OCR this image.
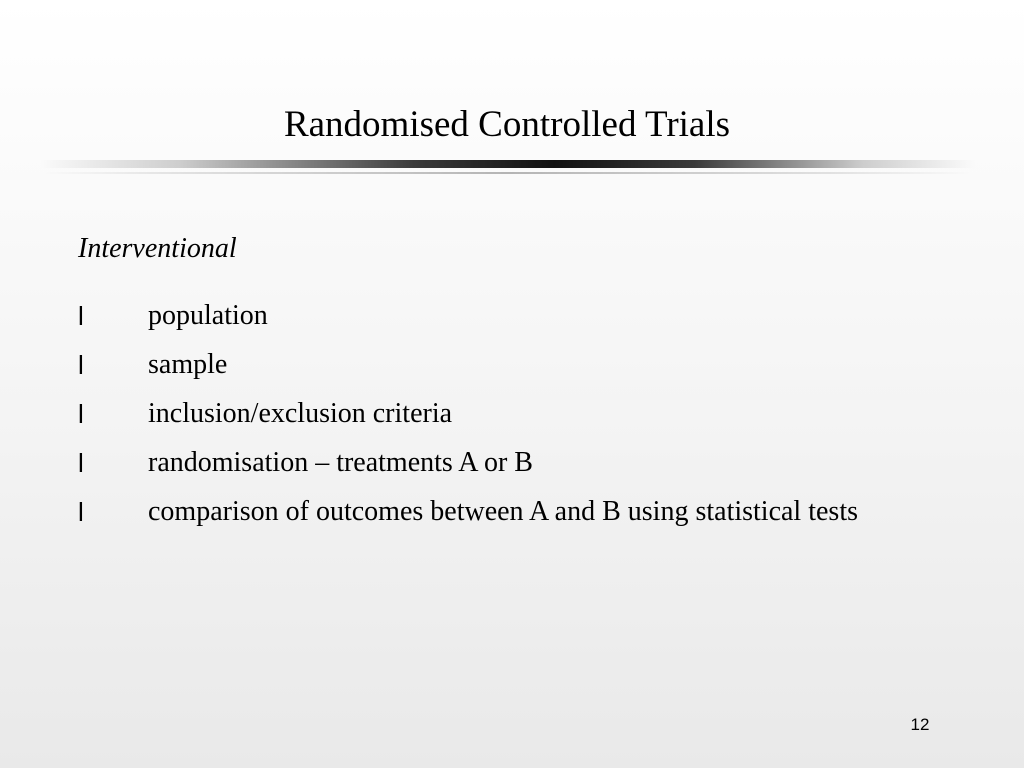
Randomised Controlled Trials
Interventional
l population
l sample
l inclusion/exclusion criteria
l randomisation – treatments A or B
l comparison of outcomes between A and B using statistical tests
12
